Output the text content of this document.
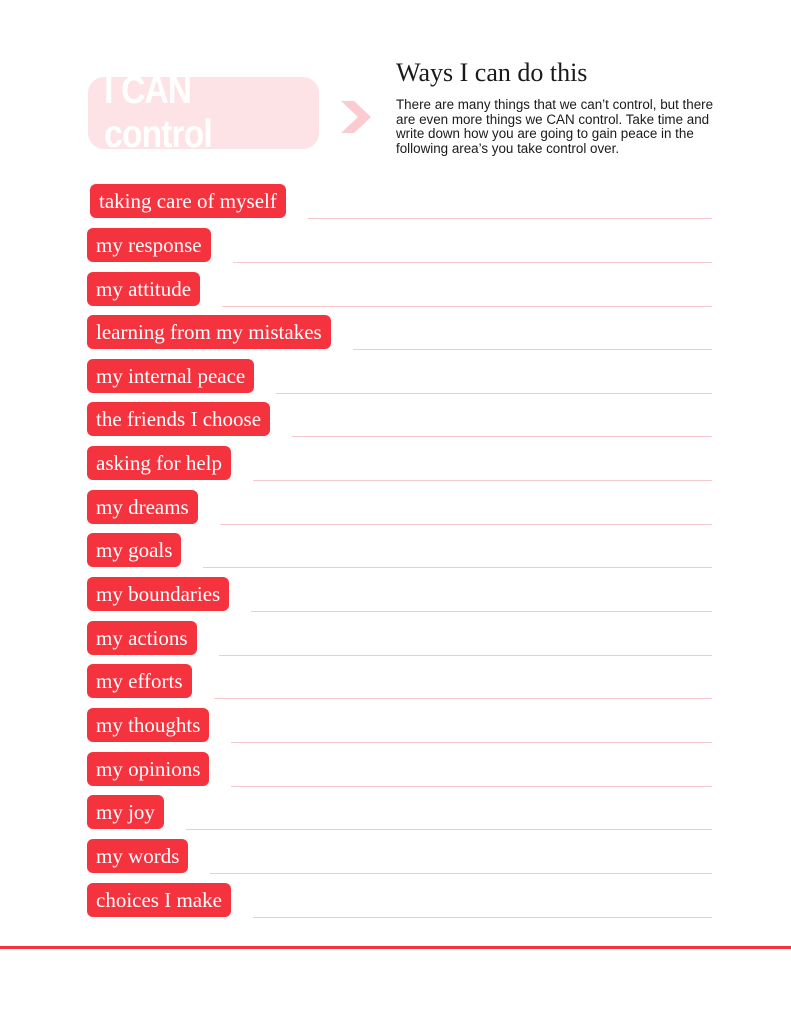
I CAN control
Ways I can do this

There are many things that we can’t control, but there are even more things we CAN control. Take time and write down how you are going to gain peace in the following area’s you take control over.

taking care of myself
my response
my attitude
learning from my mistakes
my internal peace
the friends I choose
asking for help
my dreams
my goals
my boundaries
my actions
my efforts
my thoughts
my opinions
my joy
my words
choices I make
